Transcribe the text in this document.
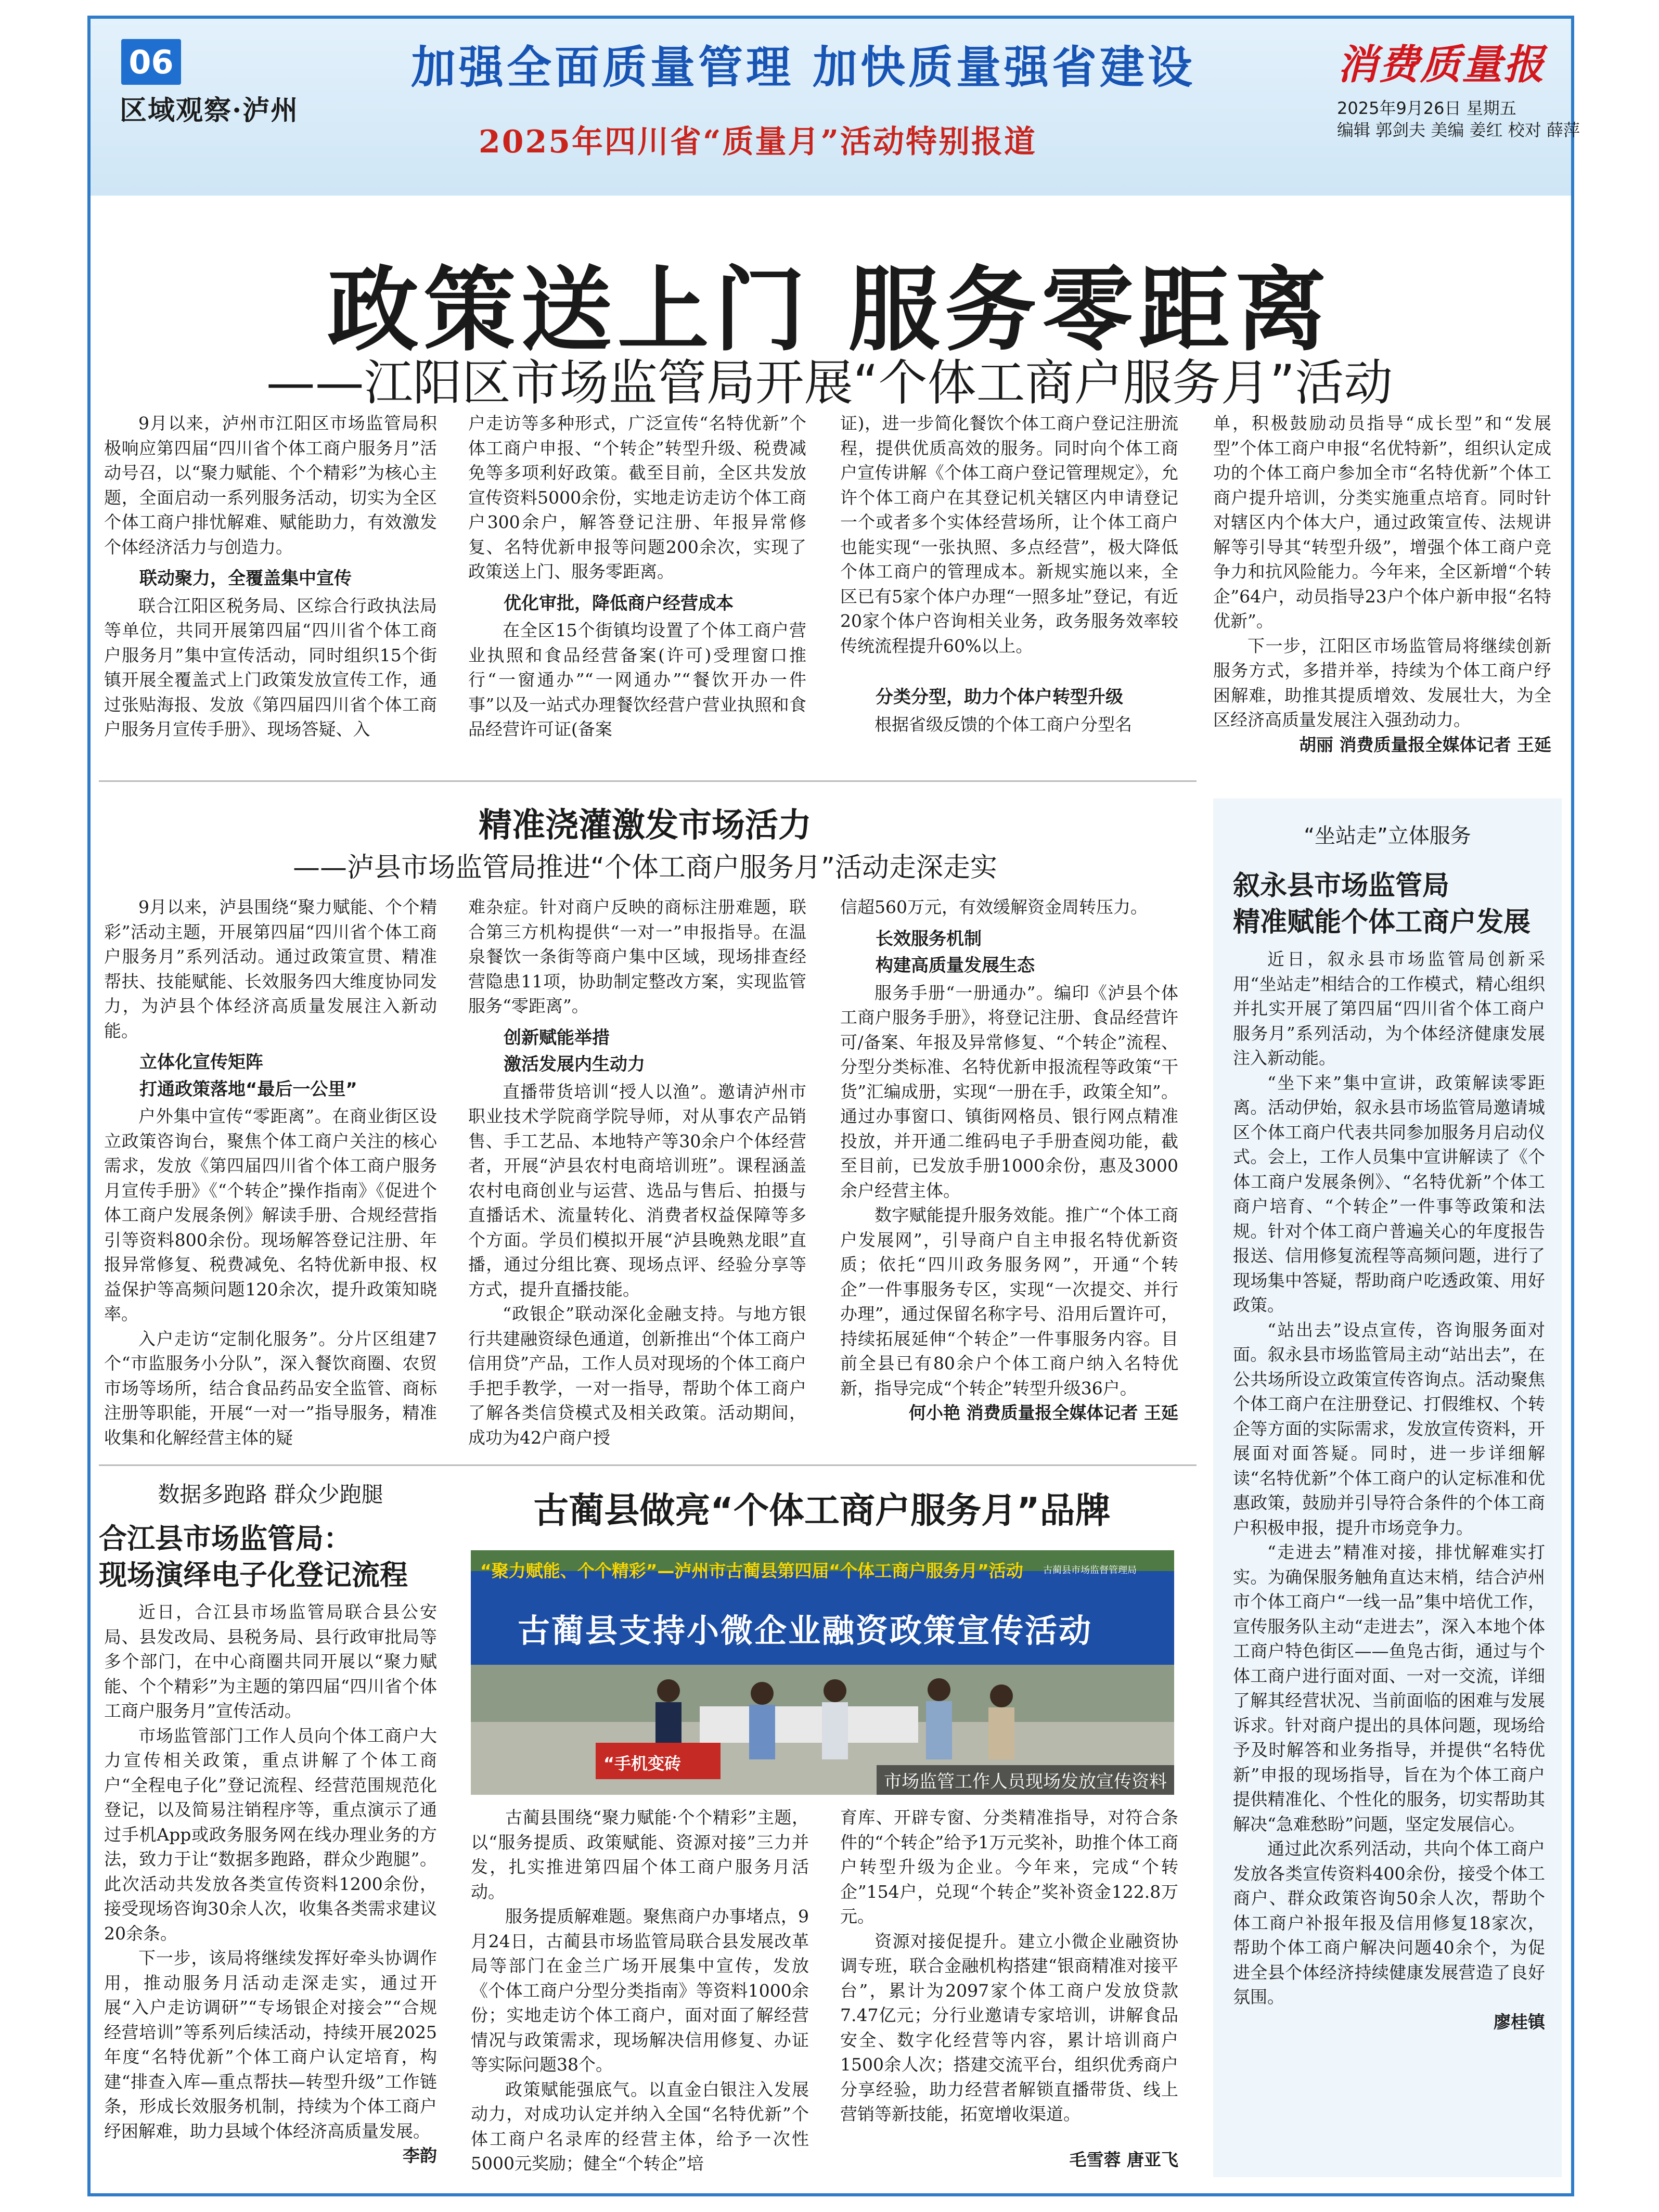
06
区域观察·泸州
加强全面质量管理 加快质量强省建设
2025年四川省“质量月”活动特别报道
消费质量报
2025年9月26日 星期五
编辑 郭剑夫 美编 姜红 校对 薛萍
政策送上门 服务零距离
——江阳区市场监管局开展“个体工商户服务月”活动

9月以来，泸州市江阳区市场监管局积极响应第四届“四川省个体工商户服务月”活动号召，以“聚力赋能、个个精彩”为核心主题，全面启动一系列服务活动，切实为全区个体工商户排忧解难、赋能助力，有效激发个体经济活力与创造力。

联动聚力，全覆盖集中宣传

联合江阳区税务局、区综合行政执法局等单位，共同开展第四届“四川省个体工商户服务月”集中宣传活动，同时组织15个街镇开展全覆盖式上门政策发放宣传工作，通过张贴海报、发放《第四届四川省个体工商户服务月宣传手册》、现场答疑、入

户走访等多种形式，广泛宣传“名特优新”个体工商户申报、“个转企”转型升级、税费减免等多项利好政策。截至目前，全区共发放宣传资料5000余份，实地走访走访个体工商户300余户，解答登记注册、年报异常修复、名特优新申报等问题200余次，实现了政策送上门、服务零距离。

优化审批，降低商户经营成本

在全区15个街镇均设置了个体工商户营业执照和食品经营备案(许可)受理窗口推行“一窗通办”“一网通办”“餐饮开办一件事”以及一站式办理餐饮经营户营业执照和食品经营许可证(备案

证)，进一步简化餐饮个体工商户登记注册流程，提供优质高效的服务。同时向个体工商户宣传讲解《个体工商户登记管理规定》，允许个体工商户在其登记机关辖区内申请登记一个或者多个实体经营场所，让个体工商户也能实现“一张执照、多点经营”，极大降低个体工商户的管理成本。新规实施以来，全区已有5家个体户办理“一照多址”登记，有近20家个体户咨询相关业务，政务服务效率较传统流程提升60%以上。

分类分型，助力个体户转型升级

根据省级反馈的个体工商户分型名

单，积极鼓励动员指导“成长型”和“发展型”个体工商户申报“名优特新”，组织认定成功的个体工商户参加全市“名特优新”个体工商户提升培训，分类实施重点培育。同时针对辖区内个体大户，通过政策宣传、法规讲解等引导其“转型升级”，增强个体工商户竞争力和抗风险能力。今年来，全区新增“个转企”64户，动员指导23户个体户新申报“名特优新”。

下一步，江阳区市场监管局将继续创新服务方式，多措并举，持续为个体工商户纾困解难，助推其提质增效、发展壮大，为全区经济高质量发展注入强劲动力。

胡丽 消费质量报全媒体记者 王延
精准浇灌激发市场活力
——泸县市场监管局推进“个体工商户服务月”活动走深走实

9月以来，泸县围绕“聚力赋能、个个精彩”活动主题，开展第四届“四川省个体工商户服务月”系列活动。通过政策宣贯、精准帮扶、技能赋能、长效服务四大维度协同发力，为泸县个体经济高质量发展注入新动能。

立体化宣传矩阵
打通政策落地“最后一公里”

户外集中宣传“零距离”。在商业街区设立政策咨询台，聚焦个体工商户关注的核心需求，发放《第四届四川省个体工商户服务月宣传手册》《“个转企”操作指南》《促进个体工商户发展条例》解读手册、合规经营指引等资料800余份。现场解答登记注册、年报异常修复、税费减免、名特优新申报、权益保护等高频问题120余次，提升政策知晓率。

入户走访“定制化服务”。分片区组建7个“市监服务小分队”，深入餐饮商圈、农贸市场等场所，结合食品药品安全监管、商标注册等职能，开展“一对一”指导服务，精准收集和化解经营主体的疑

难杂症。针对商户反映的商标注册难题，联合第三方机构提供“一对一”申报指导。在温泉餐饮一条街等商户集中区域，现场排查经营隐患11项，协助制定整改方案，实现监管服务“零距离”。

创新赋能举措
激活发展内生动力

直播带货培训“授人以渔”。邀请泸州市职业技术学院商学院导师，对从事农产品销售、手工艺品、本地特产等30余户个体经营者，开展“泸县农村电商培训班”。课程涵盖农村电商创业与运营、选品与售后、拍摄与直播话术、流量转化、消费者权益保障等多个方面。学员们模拟开展“泸县晚熟龙眼”直播，通过分组比赛、现场点评、经验分享等方式，提升直播技能。

“政银企”联动深化金融支持。与地方银行共建融资绿色通道，创新推出“个体工商户信用贷”产品，工作人员对现场的个体工商户手把手教学，一对一指导，帮助个体工商户了解各类信贷模式及相关政策。活动期间，成功为42户商户授

信超560万元，有效缓解资金周转压力。

长效服务机制
构建高质量发展生态

服务手册“一册通办”。编印《泸县个体工商户服务手册》，将登记注册、食品经营许可/备案、年报及异常修复、“个转企”流程、分型分类标准、名特优新申报流程等政策“干货”汇编成册，实现“一册在手，政策全知”。通过办事窗口、镇街网格员、银行网点精准投放，并开通二维码电子手册查阅功能，截至目前，已发放手册1000余份，惠及3000余户经营主体。

数字赋能提升服务效能。推广“个体工商户发展网”，引导商户自主申报名特优新资质；依托“四川政务服务网”，开通“个转企”一件事服务专区，实现“一次提交、并行办理”，通过保留名称字号、沿用后置许可，持续拓展延伸“个转企”一件事服务内容。目前全县已有80余户个体工商户纳入名特优新，指导完成“个转企”转型升级36户。

何小艳 消费质量报全媒体记者 王延
数据多跑路 群众少跑腿
合江县市场监管局：
现场演绎电子化登记流程

近日，合江县市场监管局联合县公安局、县发改局、县税务局、县行政审批局等多个部门，在中心商圈共同开展以“聚力赋能、个个精彩”为主题的第四届“四川省个体工商户服务月”宣传活动。

市场监管部门工作人员向个体工商户大力宣传相关政策，重点讲解了个体工商户“全程电子化”登记流程、经营范围规范化登记，以及简易注销程序等，重点演示了通过手机App或政务服务网在线办理业务的方法，致力于让“数据多跑路，群众少跑腿”。此次活动共发放各类宣传资料1200余份，接受现场咨询30余人次，收集各类需求建议20余条。

下一步，该局将继续发挥好牵头协调作用，推动服务月活动走深走实，通过开展“入户走访调研”“专场银企对接会”“合规经营培训”等系列后续活动，持续开展2025年度“名特优新”个体工商户认定培育，构建“排查入库—重点帮扶—转型升级”工作链条，形成长效服务机制，持续为个体工商户纾困解难，助力县域个体经济高质量发展。

李韵
古蔺县做亮“个体工商户服务月”品牌
“聚力赋能、个个精彩”—泸州市古蔺县第四届“个体工商户服务月”活动 古蔺县市场监督管理局
古蔺县支持小微企业融资政策宣传活动
“手机变砖
市场监管工作人员现场发放宣传资料

古蔺县围绕“聚力赋能·个个精彩”主题，以“服务提质、政策赋能、资源对接”三力并发，扎实推进第四届个体工商户服务月活动。

服务提质解难题。聚焦商户办事堵点，9月24日，古蔺县市场监管局联合县发展改革局等部门在金兰广场开展集中宣传，发放《个体工商户分型分类指南》等资料1000余份；实地走访个体工商户，面对面了解经营情况与政策需求，现场解决信用修复、办证等实际问题38个。

政策赋能强底气。以直金白银注入发展动力，对成功认定并纳入全国“名特优新”个体工商户名录库的经营主体，给予一次性5000元奖励；健全“个转企”培

育库、开辟专窗、分类精准指导，对符合条件的“个转企”给予1万元奖补，助推个体工商户转型升级为企业。今年来，完成“个转企”154户，兑现“个转企”奖补资金122.8万元。

资源对接促提升。建立小微企业融资协调专班，联合金融机构搭建“银商精准对接平台”，累计为2097家个体工商户发放贷款7.47亿元；分行业邀请专家培训，讲解食品安全、数字化经营等内容，累计培训商户1500余人次；搭建交流平台，组织优秀商户分享经验，助力经营者解锁直播带货、线上营销等新技能，拓宽增收渠道。

毛雪蓉 唐亚飞
“坐站走”立体服务
叙永县市场监管局
精准赋能个体工商户发展

近日，叙永县市场监管局创新采用“坐站走”相结合的工作模式，精心组织并扎实开展了第四届“四川省个体工商户服务月”系列活动，为个体经济健康发展注入新动能。

“坐下来”集中宣讲，政策解读零距离。活动伊始，叙永县市场监管局邀请城区个体工商户代表共同参加服务月启动仪式。会上，工作人员集中宣讲解读了《个体工商户发展条例》、“名特优新”个体工商户培育、“个转企”一件事等政策和法规。针对个体工商户普遍关心的年度报告报送、信用修复流程等高频问题，进行了现场集中答疑，帮助商户吃透政策、用好政策。

“站出去”设点宣传，咨询服务面对面。叙永县市场监管局主动“站出去”，在公共场所设立政策宣传咨询点。活动聚焦个体工商户在注册登记、打假维权、个转企等方面的实际需求，发放宣传资料，开展面对面答疑。同时，进一步详细解读“名特优新”个体工商户的认定标准和优惠政策，鼓励并引导符合条件的个体工商户积极申报，提升市场竞争力。

“走进去”精准对接，排忧解难实打实。为确保服务触角直达末梢，结合泸州市个体工商户“一线一品”集中培优工作，宣传服务队主动“走进去”，深入本地个体工商户特色街区——鱼凫古街，通过与个体工商户进行面对面、一对一交流，详细了解其经营状况、当前面临的困难与发展诉求。针对商户提出的具体问题，现场给予及时解答和业务指导，并提供“名特优新”申报的现场指导，旨在为个体工商户提供精准化、个性化的服务，切实帮助其解决“急难愁盼”问题，坚定发展信心。

通过此次系列活动，共向个体工商户发放各类宣传资料400余份，接受个体工商户、群众政策咨询50余人次，帮助个体工商户补报年报及信用修复18家次，帮助个体工商户解决问题40余个，为促进全县个体经济持续健康发展营造了良好氛围。

廖桂镇
